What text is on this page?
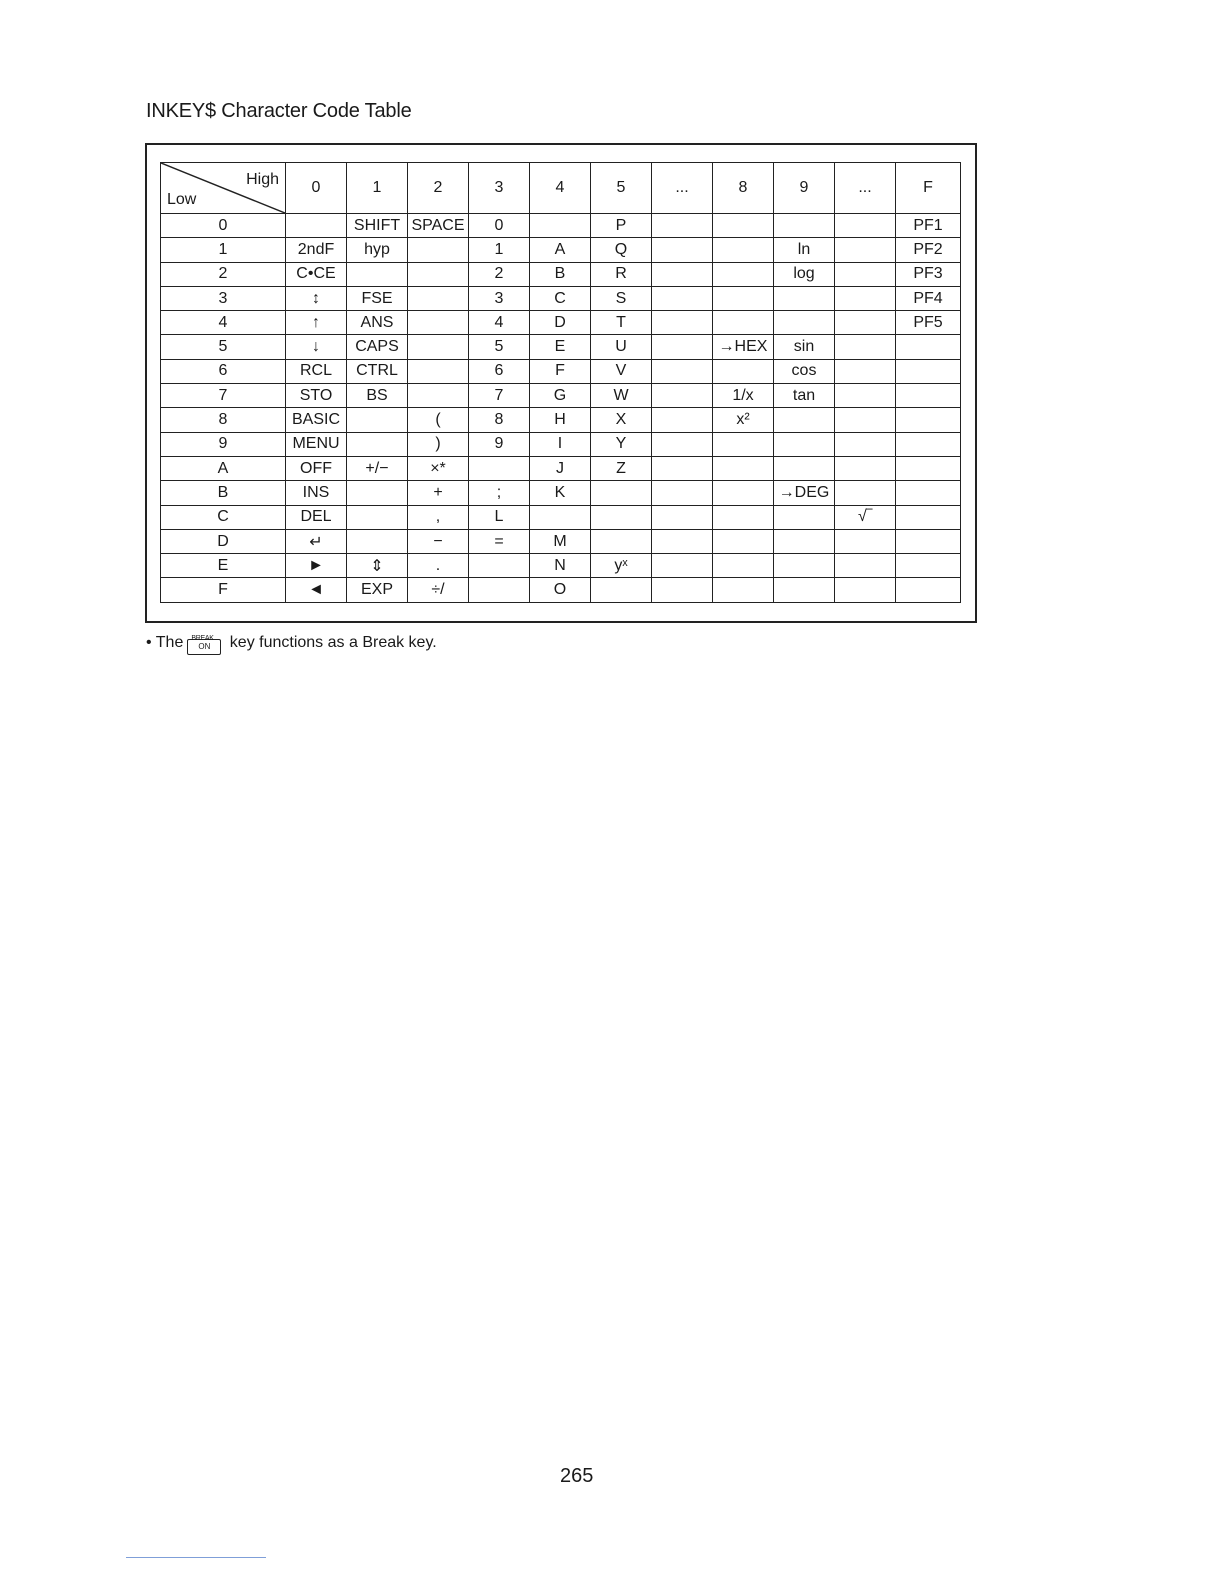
INKEY$ Character Code Table
High
Low	0	1	2	3	4	5	...	8	9	...	F
0		SHIFT	SPACE	0		P					PF1
1	2ndF	hyp		1	A	Q			ln		PF2
2	C•CE			2	B	R			log		PF3
3	↕	FSE		3	C	S					PF4
4	↑	ANS		4	D	T					PF5
5	↓	CAPS		5	E	U		→HEX	sin		
6	RCL	CTRL		6	F	V			cos		
7	STO	BS		7	G	W		1/x	tan		
8	BASIC		(	8	H	X		x²			
9	MENU		)	9	I	Y					
A	OFF	+/−	×*		J	Z					
B	INS		+	;	K				→DEG		
C	DEL		,	L						√‾	
D	↵		−	=	M						
E	►	⇕	.		N	yˣ					
F	◄	EXP	÷/		O						
• The BREAK
ON key functions as a Break key.
265
